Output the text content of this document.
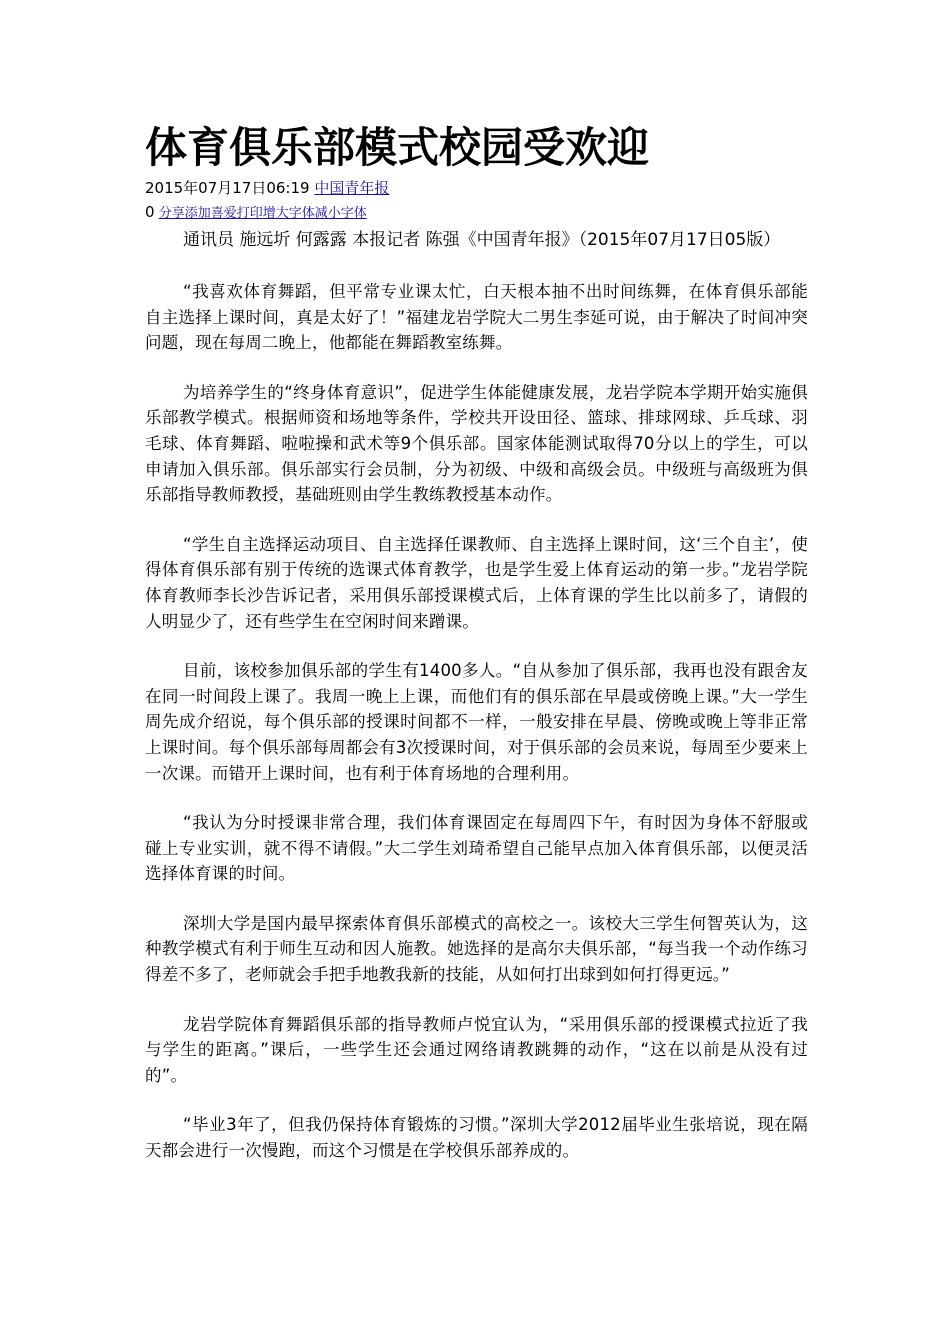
体育俱乐部模式校园受欢迎
2015年07月17日06:19 中国青年报
0 分享添加喜爱打印增大字体减小字体
通讯员 施远圻 何露露 本报记者 陈强《中国青年报》（2015年07月17日05版）

“我喜欢体育舞蹈，但平常专业课太忙，白天根本抽不出时间练舞，在体育俱乐部能自主选择上课时间，真是太好了！”福建龙岩学院大二男生李延可说，由于解决了时间冲突问题，现在每周二晚上，他都能在舞蹈教室练舞。

为培养学生的“终身体育意识”，促进学生体能健康发展，龙岩学院本学期开始实施俱乐部教学模式。根据师资和场地等条件，学校共开设田径、篮球、排球网球、乒乓球、羽毛球、体育舞蹈、啦啦操和武术等9个俱乐部。国家体能测试取得70分以上的学生，可以申请加入俱乐部。俱乐部实行会员制，分为初级、中级和高级会员。中级班与高级班为俱乐部指导教师教授，基础班则由学生教练教授基本动作。

“学生自主选择运动项目、自主选择任课教师、自主选择上课时间，这‘三个自主’，使得体育俱乐部有别于传统的选课式体育教学，也是学生爱上体育运动的第一步。”龙岩学院体育教师李长沙告诉记者，采用俱乐部授课模式后，上体育课的学生比以前多了，请假的人明显少了，还有些学生在空闲时间来蹭课。

目前，该校参加俱乐部的学生有1400多人。“自从参加了俱乐部，我再也没有跟舍友在同一时间段上课了。我周一晚上上课，而他们有的俱乐部在早晨或傍晚上课。”大一学生周先成介绍说，每个俱乐部的授课时间都不一样，一般安排在早晨、傍晚或晚上等非正常上课时间。每个俱乐部每周都会有3次授课时间，对于俱乐部的会员来说，每周至少要来上一次课。而错开上课时间，也有利于体育场地的合理利用。

“我认为分时授课非常合理，我们体育课固定在每周四下午，有时因为身体不舒服或碰上专业实训，就不得不请假。”大二学生刘琦希望自己能早点加入体育俱乐部，以便灵活选择体育课的时间。

深圳大学是国内最早探索体育俱乐部模式的高校之一。该校大三学生何智英认为，这种教学模式有利于师生互动和因人施教。她选择的是高尔夫俱乐部，“每当我一个动作练习得差不多了，老师就会手把手地教我新的技能，从如何打出球到如何打得更远。”

龙岩学院体育舞蹈俱乐部的指导教师卢悦宜认为，“采用俱乐部的授课模式拉近了我与学生的距离。”课后，一些学生还会通过网络请教跳舞的动作，“这在以前是从没有过的”。

“毕业3年了，但我仍保持体育锻炼的习惯。”深圳大学2012届毕业生张培说，现在隔天都会进行一次慢跑，而这个习惯是在学校俱乐部养成的。
